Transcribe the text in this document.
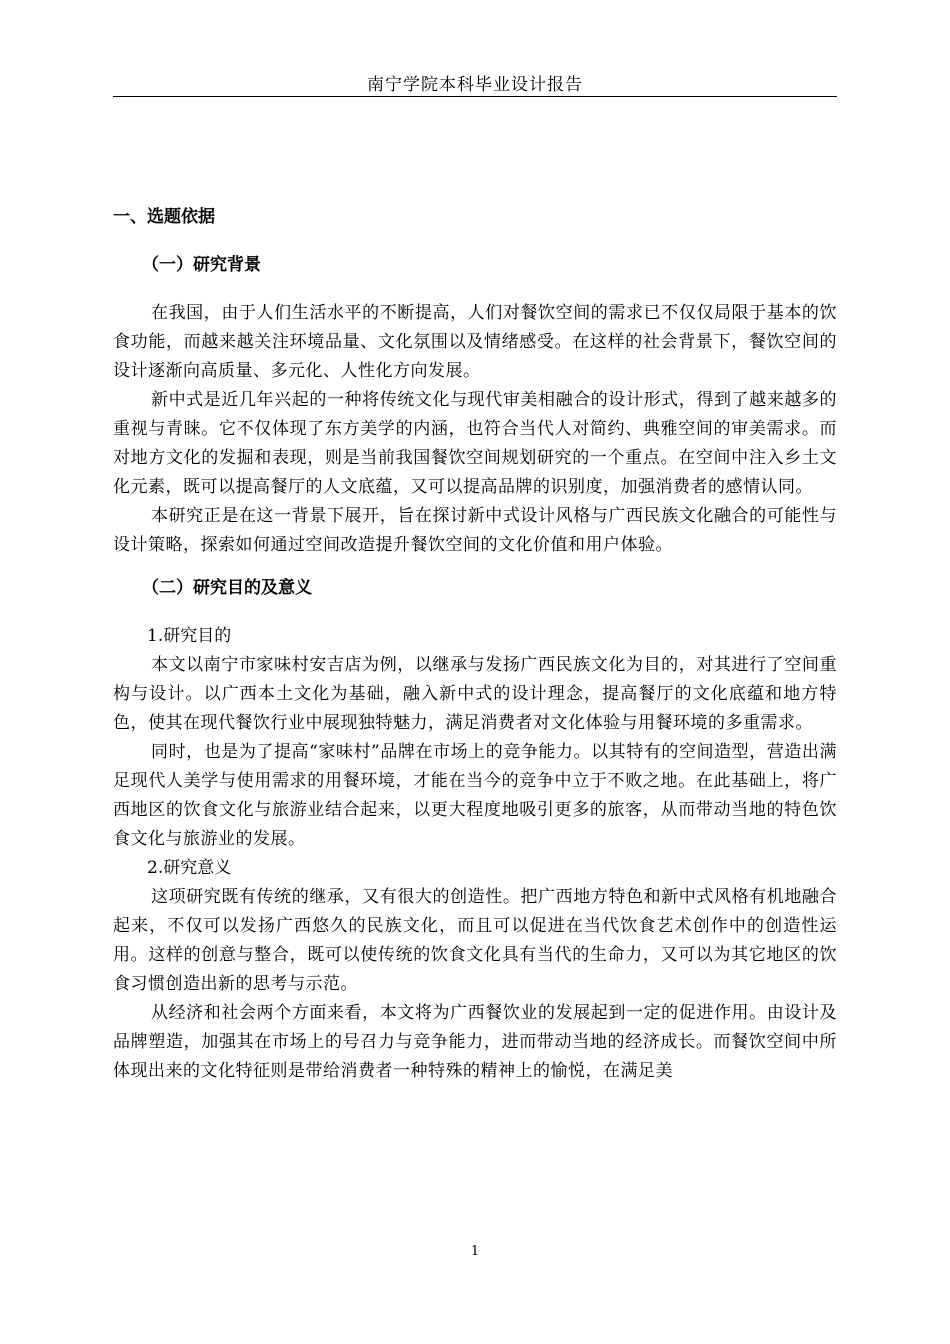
南宁学院本科毕业设计报告
一、选题依据
（一）研究背景

在我国，由于人们生活水平的不断提高，人们对餐饮空间的需求已不仅仅局限于基本的饮食功能，而越来越关注环境品量、文化氛围以及情绪感受。在这样的社会背景下，餐饮空间的设计逐渐向高质量、多元化、人性化方向发展。

新中式是近几年兴起的一种将传统文化与现代审美相融合的设计形式，得到了越来越多的重视与青睐。它不仅体现了东方美学的内涵，也符合当代人对简约、典雅空间的审美需求。而对地方文化的发掘和表现，则是当前我国餐饮空间规划研究的一个重点。在空间中注入乡土文化元素，既可以提高餐厅的人文底蕴，又可以提高品牌的识别度，加强消费者的感情认同。

本研究正是在这一背景下展开，旨在探讨新中式设计风格与广西民族文化融合的可能性与设计策略，探索如何通过空间改造提升餐饮空间的文化价值和用户体验。

（二）研究目的及意义
1.研究目的

本文以南宁市家味村安吉店为例，以继承与发扬广西民族文化为目的，对其进行了空间重构与设计。以广西本土文化为基础，融入新中式的设计理念，提高餐厅的文化底蕴和地方特色，使其在现代餐饮行业中展现独特魅力，满足消费者对文化体验与用餐环境的多重需求。

同时，也是为了提高“家味村”品牌在市场上的竞争能力。以其特有的空间造型，营造出满足现代人美学与使用需求的用餐环境，才能在当今的竞争中立于不败之地。在此基础上，将广西地区的饮食文化与旅游业结合起来，以更大程度地吸引更多的旅客，从而带动当地的特色饮食文化与旅游业的发展。

2.研究意义

这项研究既有传统的继承，又有很大的创造性。把广西地方特色和新中式风格有机地融合起来，不仅可以发扬广西悠久的民族文化，而且可以促进在当代饮食艺术创作中的创造性运用。这样的创意与整合，既可以使传统的饮食文化具有当代的生命力，又可以为其它地区的饮食习惯创造出新的思考与示范。

从经济和社会两个方面来看，本文将为广西餐饮业的发展起到一定的促进作用。由设计及品牌塑造，加强其在市场上的号召力与竞争能力，进而带动当地的经济成长。而餐饮空间中所体现出来的文化特征则是带给消费者一种特殊的精神上的愉悦，在满足美

1
